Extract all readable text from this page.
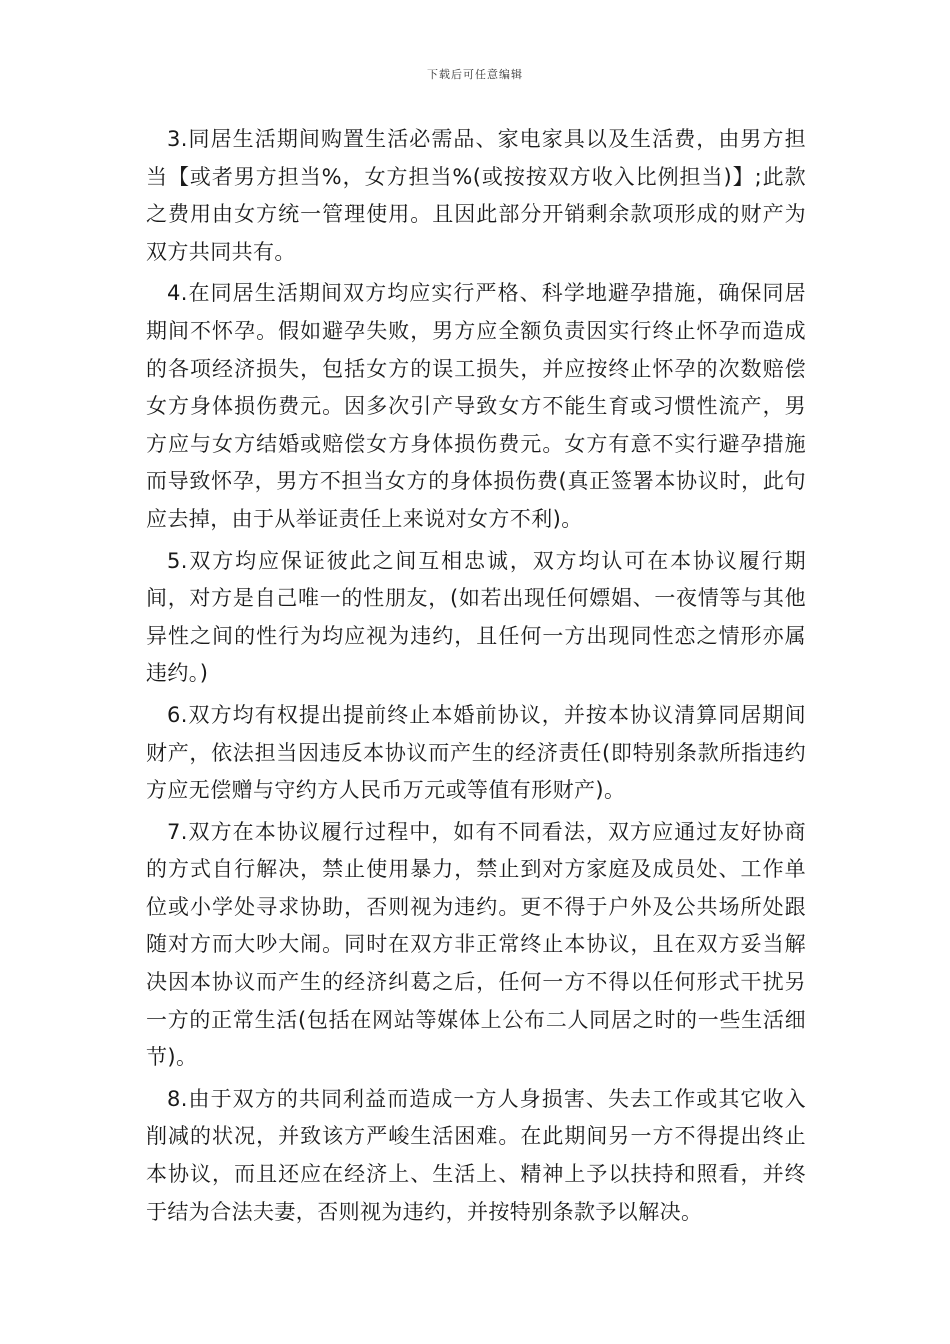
下载后可任意编辑

3.同居生活期间购置生活必需品、家电家具以及生活费，由男方担当【或者男方担当%，女方担当%(或按按双方收入比例担当)】;此款之费用由女方统一管理使用。且因此部分开销剩余款项形成的财产为双方共同共有。

4.在同居生活期间双方均应实行严格、科学地避孕措施，确保同居期间不怀孕。假如避孕失败，男方应全额负责因实行终止怀孕而造成的各项经济损失，包括女方的误工损失，并应按终止怀孕的次数赔偿女方身体损伤费元。因多次引产导致女方不能生育或习惯性流产，男方应与女方结婚或赔偿女方身体损伤费元。女方有意不实行避孕措施而导致怀孕，男方不担当女方的身体损伤费(真正签署本协议时，此句应去掉，由于从举证责任上来说对女方不利)。

5.双方均应保证彼此之间互相忠诚，双方均认可在本协议履行期间，对方是自己唯一的性朋友，(如若出现任何嫖娼、一夜情等与其他异性之间的性行为均应视为违约，且任何一方出现同性恋之情形亦属违约。)

6.双方均有权提出提前终止本婚前协议，并按本协议清算同居期间财产，依法担当因违反本协议而产生的经济责任(即特别条款所指违约方应无偿赠与守约方人民币万元或等值有形财产)。

7.双方在本协议履行过程中，如有不同看法，双方应通过友好协商的方式自行解决，禁止使用暴力，禁止到对方家庭及成员处、工作单位或小学处寻求协助，否则视为违约。更不得于户外及公共场所处跟随对方而大吵大闹。同时在双方非正常终止本协议，且在双方妥当解决因本协议而产生的经济纠葛之后，任何一方不得以任何形式干扰另一方的正常生活(包括在网站等媒体上公布二人同居之时的一些生活细节)。

8.由于双方的共同利益而造成一方人身损害、失去工作或其它收入削减的状况，并致该方严峻生活困难。在此期间另一方不得提出终止本协议，而且还应在经济上、生活上、精神上予以扶持和照看，并终于结为合法夫妻，否则视为违约，并按特别条款予以解决。
